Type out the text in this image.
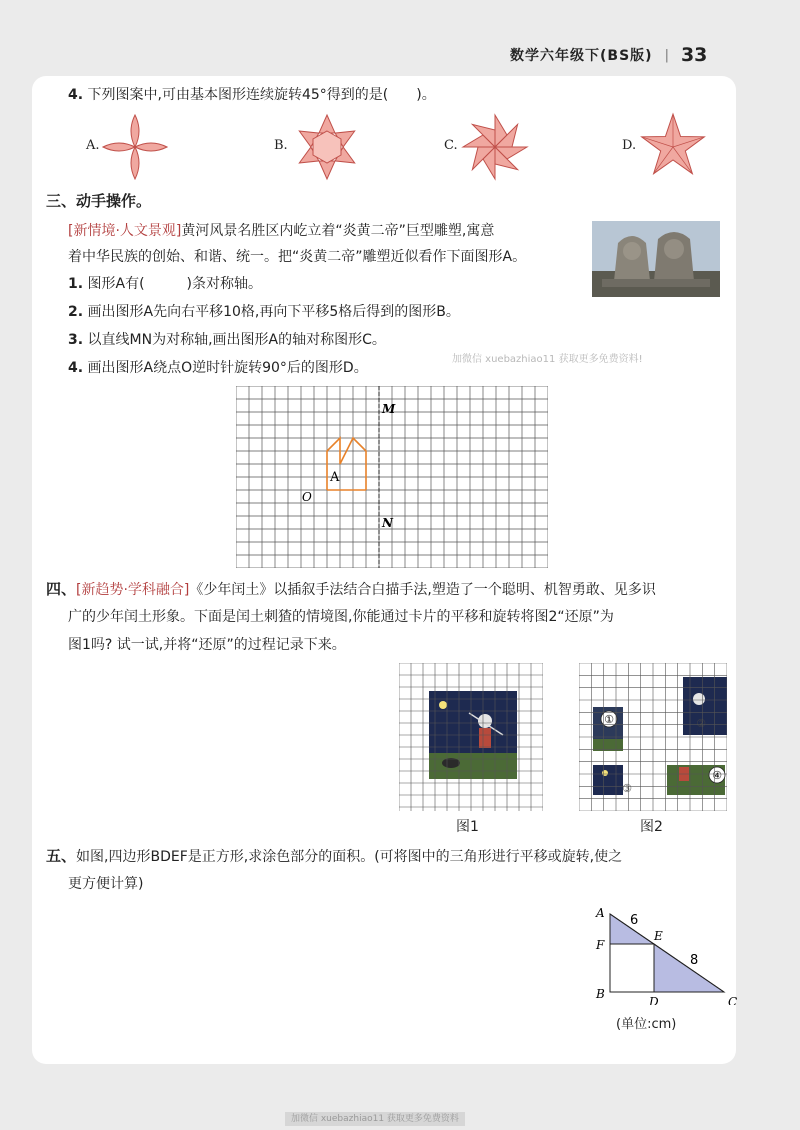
数学六年级下(BS版) | 33
4. 下列图案中,可由基本图形连续旋转45°得到的是(　　)。
A.	B.	C.	D.
三、动手操作。
[新情境·人文景观]黄河风景名胜区内屹立着“炎黄二帝”巨型雕塑,寓意
着中华民族的创始、和谐、统一。把“炎黄二帝”雕塑近似看作下面图形A。
1. 图形A有(　　　)条对称轴。
2. 画出图形A先向右平移10格,再向下平移5格后得到的图形B。
3. 以直线MN为对称轴,画出图形A的轴对称图形C。
4. 画出图形A绕点O逆时针旋转90°后的图形D。
加微信 xuebazhiao11 获取更多免费资料!
A
M
N
O
四、[新趋势·学科融合]《少年闰土》以插叙手法结合白描手法,塑造了一个聪明、机智勇敢、见多识
广的少年闰土形象。下面是闰土刺猹的情境图,你能通过卡片的平移和旋转将图2“还原”为
图1吗? 试一试,并将“还原”的过程记录下来。
图1
①	②
③
④
图2
五、如图,四边形BDEF是正方形,求涂色部分的面积。(可将图中的三角形进行平移或旋转,使之
更方便计算)
A
F
B
E
D	C
6
8
(单位:cm)
加微信 xuebazhiao11 获取更多免费资料
